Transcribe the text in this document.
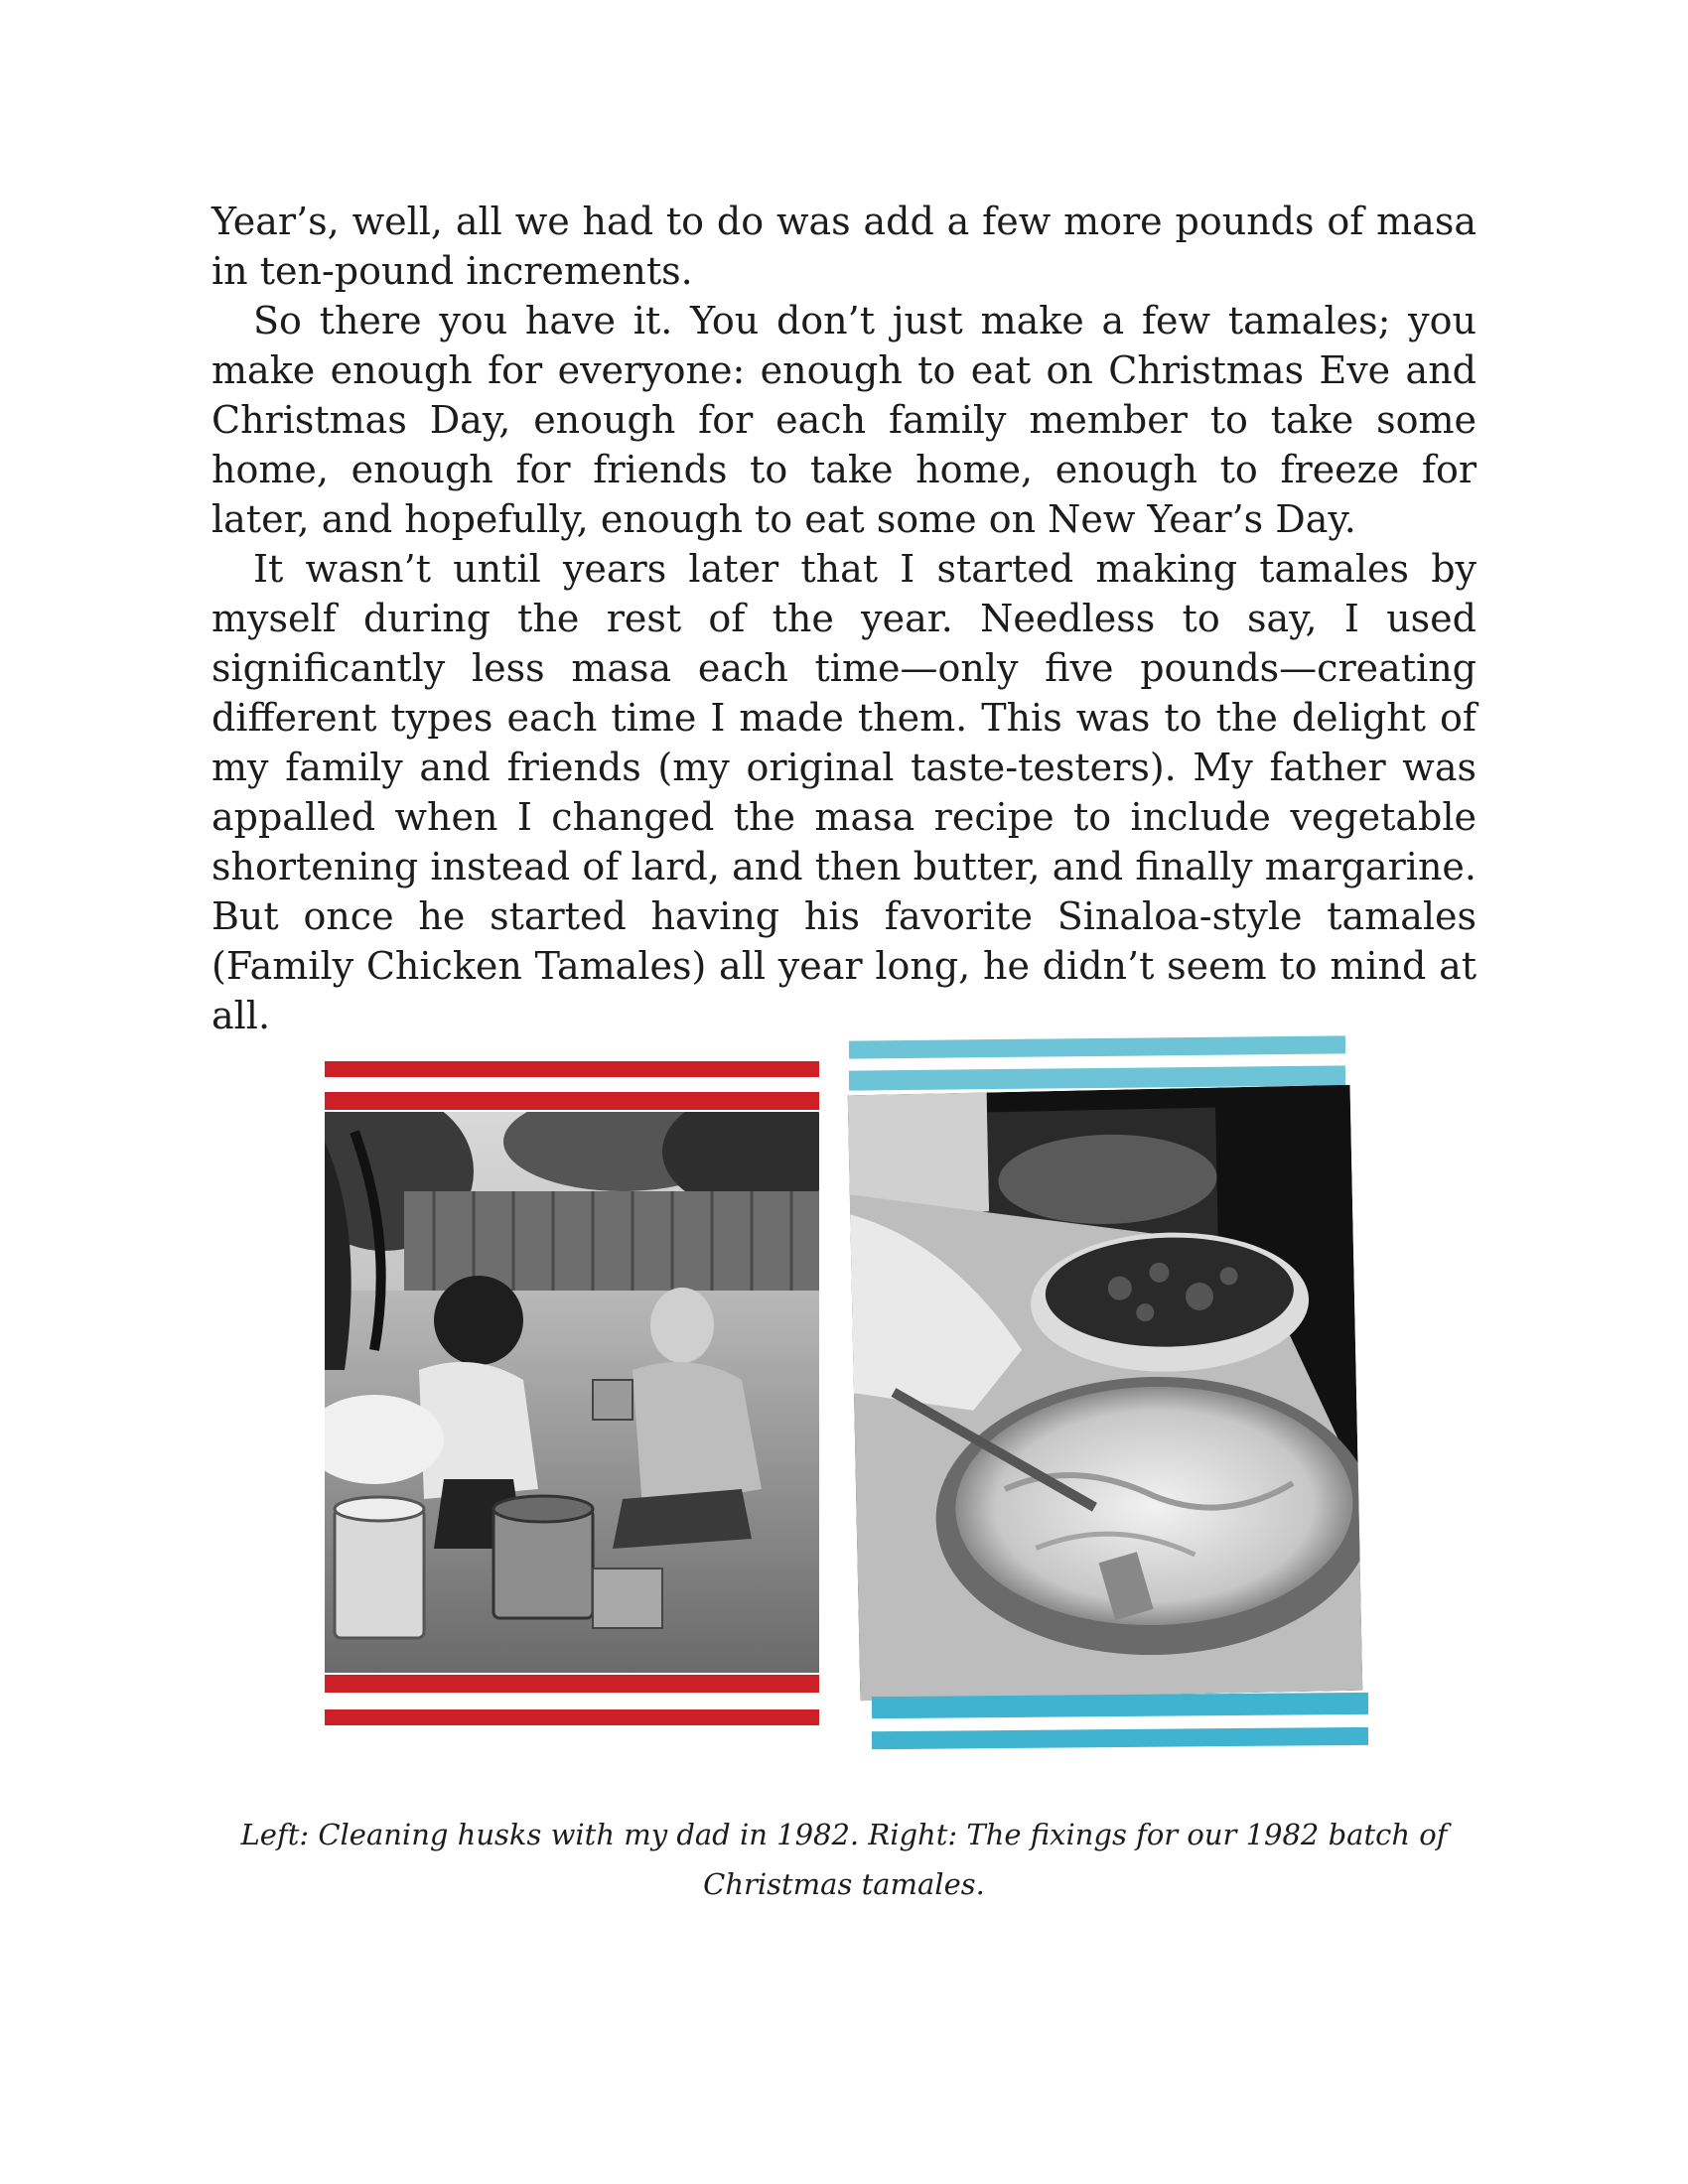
Year’s, well, all we had to do was add a few more pounds of masa in ten-pound increments.

So there you have it. You don’t just make a few tamales; you make enough for everyone: enough to eat on Christmas Eve and Christmas Day, enough for each family member to take some home, enough for friends to take home, enough to freeze for later, and hopefully, enough to eat some on New Year’s Day.

It wasn’t until years later that I started making tamales by myself during the rest of the year. Needless to say, I used significantly less masa each time—only five pounds—creating different types each time I made them. This was to the delight of my family and friends (my original taste-testers). My father was appalled when I changed the masa recipe to include vegetable shortening instead of lard, and then butter, and finally margarine. But once he started having his favorite Sinaloa-style tamales (Family Chicken Tamales) all year long, he didn’t seem to mind at all.

Left: Cleaning husks with my dad in 1982. Right: The fixings for our 1982 batch of Christmas tamales.
